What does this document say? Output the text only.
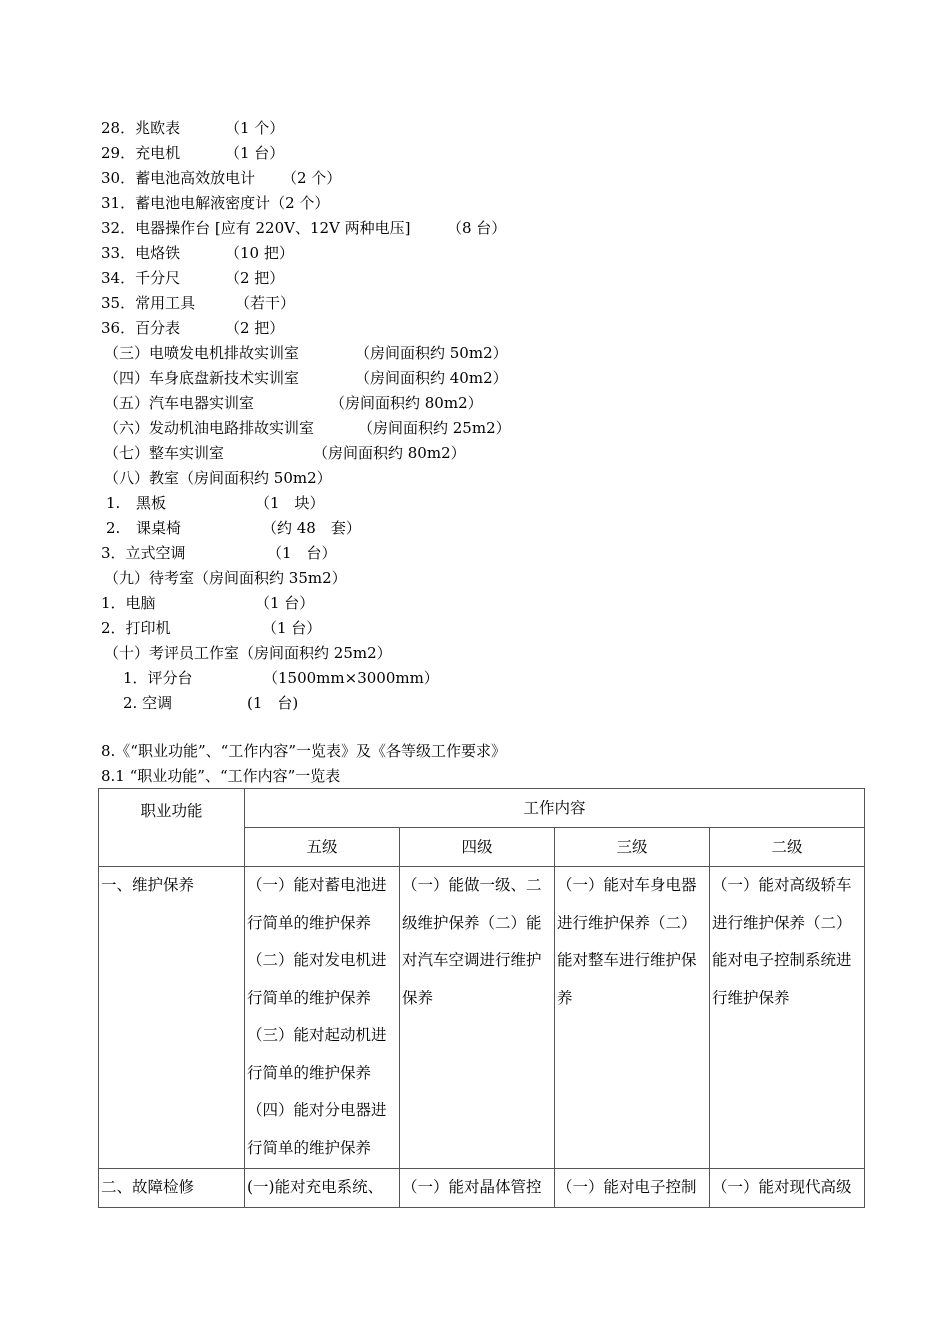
28．兆欧表	（1 个）
29．充电机	（1 台）
30．蓄电池高效放电计 （2 个）
31．蓄电池电解液密度计（2 个）
32．电器操作台 [应有 220V、12V 两种电压] （8 台）
33．电烙铁	（10 把）
34．千分尺	（2 把）
35．常用工具	（若干）
36．百分表	（2 把）
（三）电喷发电机排故实训室	（房间面积约 50m2）
（四）车身底盘新技术实训室	（房间面积约 40m2）
（五）汽车电器实训室	（房间面积约 80m2）
（六）发动机油电路排故实训室	（房间面积约 25m2）
（七）整车实训室	（房间面积约 80m2）
（八）教室（房间面积约 50m2）
1. 黑板	（1　块）
2. 课桌椅	（约 48　套）
3．立式空调	（1　台）
（九）待考室（房间面积约 35m2）
1．电脑	（1 台）
2．打印机	（1 台）
（十）考评员工作室（房间面积约 25m2）
1．评分台	（1500mm×3000mm）
2. 空调	(1　台)
8.《“职业功能”、“工作内容”一览表》及《各等级工作要求》
8.1 “职业功能”、“工作内容”一览表
职业功能	工作内容			
	五级	四级	三级	二级

一、维护保养	（一）能对蓄电池进行简单的维护保养（二）能对发电机进行简单的维护保养（三）能对起动机进行简单的维护保养（四）能对分电器进行简单的维护保养	（一）能做一级、二级维护保养（二）能对汽车空调进行维护保养	（一）能对车身电器进行维护保养（二）能对整车进行维护保养	（一）能对高级轿车进行维护保养（二）能对电子控制系统进行维护保养

二、故障检修	(一)能对充电系统、	（一）能对晶体管控	（一）能对电子控制	（一）能对现代高级
